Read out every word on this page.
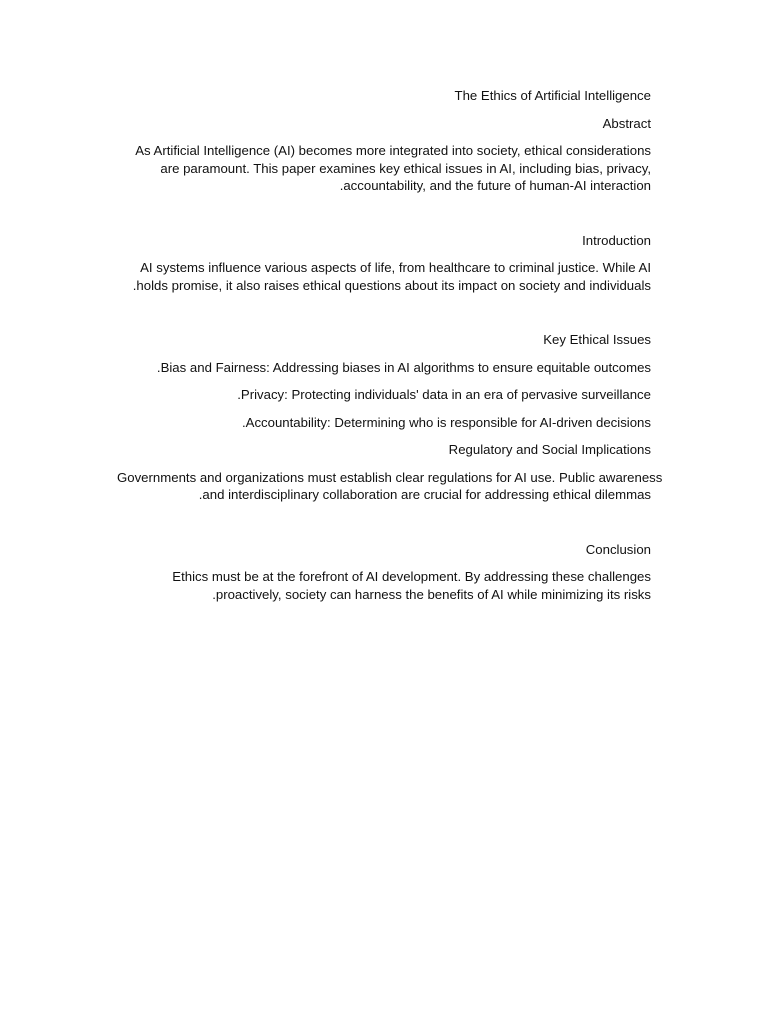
The Ethics of Artificial Intelligence

Abstract

As Artificial Intelligence (AI) becomes more integrated into society, ethical considerations
are paramount. This paper examines key ethical issues in AI, including bias, privacy,
.accountability, and the future of human-AI interaction

Introduction

AI systems influence various aspects of life, from healthcare to criminal justice. While AI
.holds promise, it also raises ethical questions about its impact on society and individuals

Key Ethical Issues

.Bias and Fairness: Addressing biases in AI algorithms to ensure equitable outcomes

.Privacy: Protecting individuals' data in an era of pervasive surveillance

.Accountability: Determining who is responsible for AI-driven decisions

Regulatory and Social Implications

Governments and organizations must establish clear regulations for AI use. Public awareness
.and interdisciplinary collaboration are crucial for addressing ethical dilemmas

Conclusion

Ethics must be at the forefront of AI development. By addressing these challenges
.proactively, society can harness the benefits of AI while minimizing its risks
